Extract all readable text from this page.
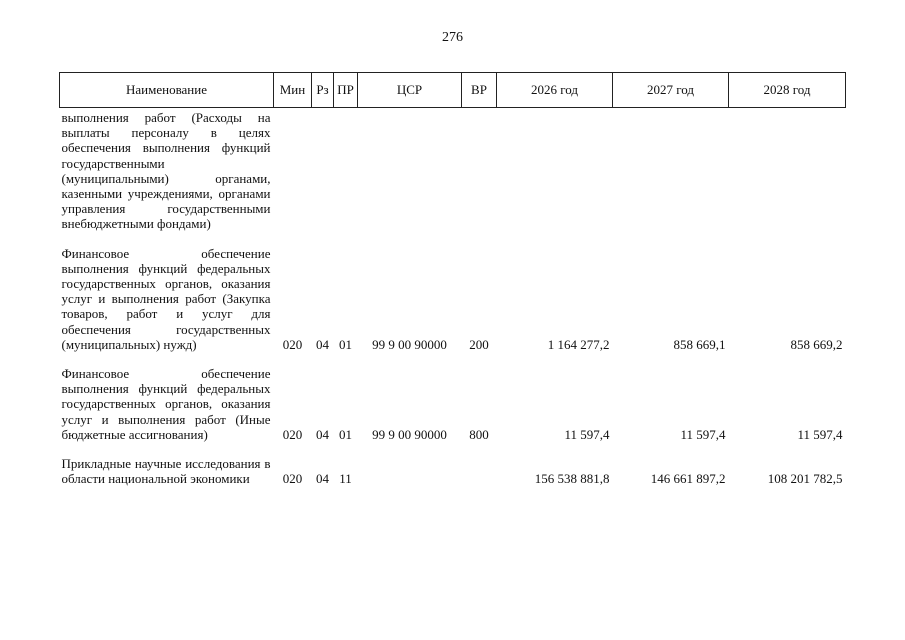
276
Наименование	Мин	Рз	ПР	ЦСР	ВР	2026 год	2027 год	2028 год
выполнения работ (Расходы на выплаты персоналу в целях обеспечения выполнения функций государственными (муниципальными) органами, казенными учреждениями, органами управления государственными внебюджетными фондами)								
Финансовое обеспечение выполнения функций федеральных государственных органов, оказания услуг и выполнения работ (Закупка товаров, работ и услуг для обеспечения государственных (муниципальных) нужд)	020	04	01	99 9 00 90000	200	1 164 277,2	858 669,1	858 669,2
Финансовое обеспечение выполнения функций федеральных государственных органов, оказания услуг и выполнения работ (Иные бюджетные ассигнования)	020	04	01	99 9 00 90000	800	11 597,4	11 597,4	11 597,4
Прикладные научные исследования в области национальной экономики	020	04	11			156 538 881,8	146 661 897,2	108 201 782,5
